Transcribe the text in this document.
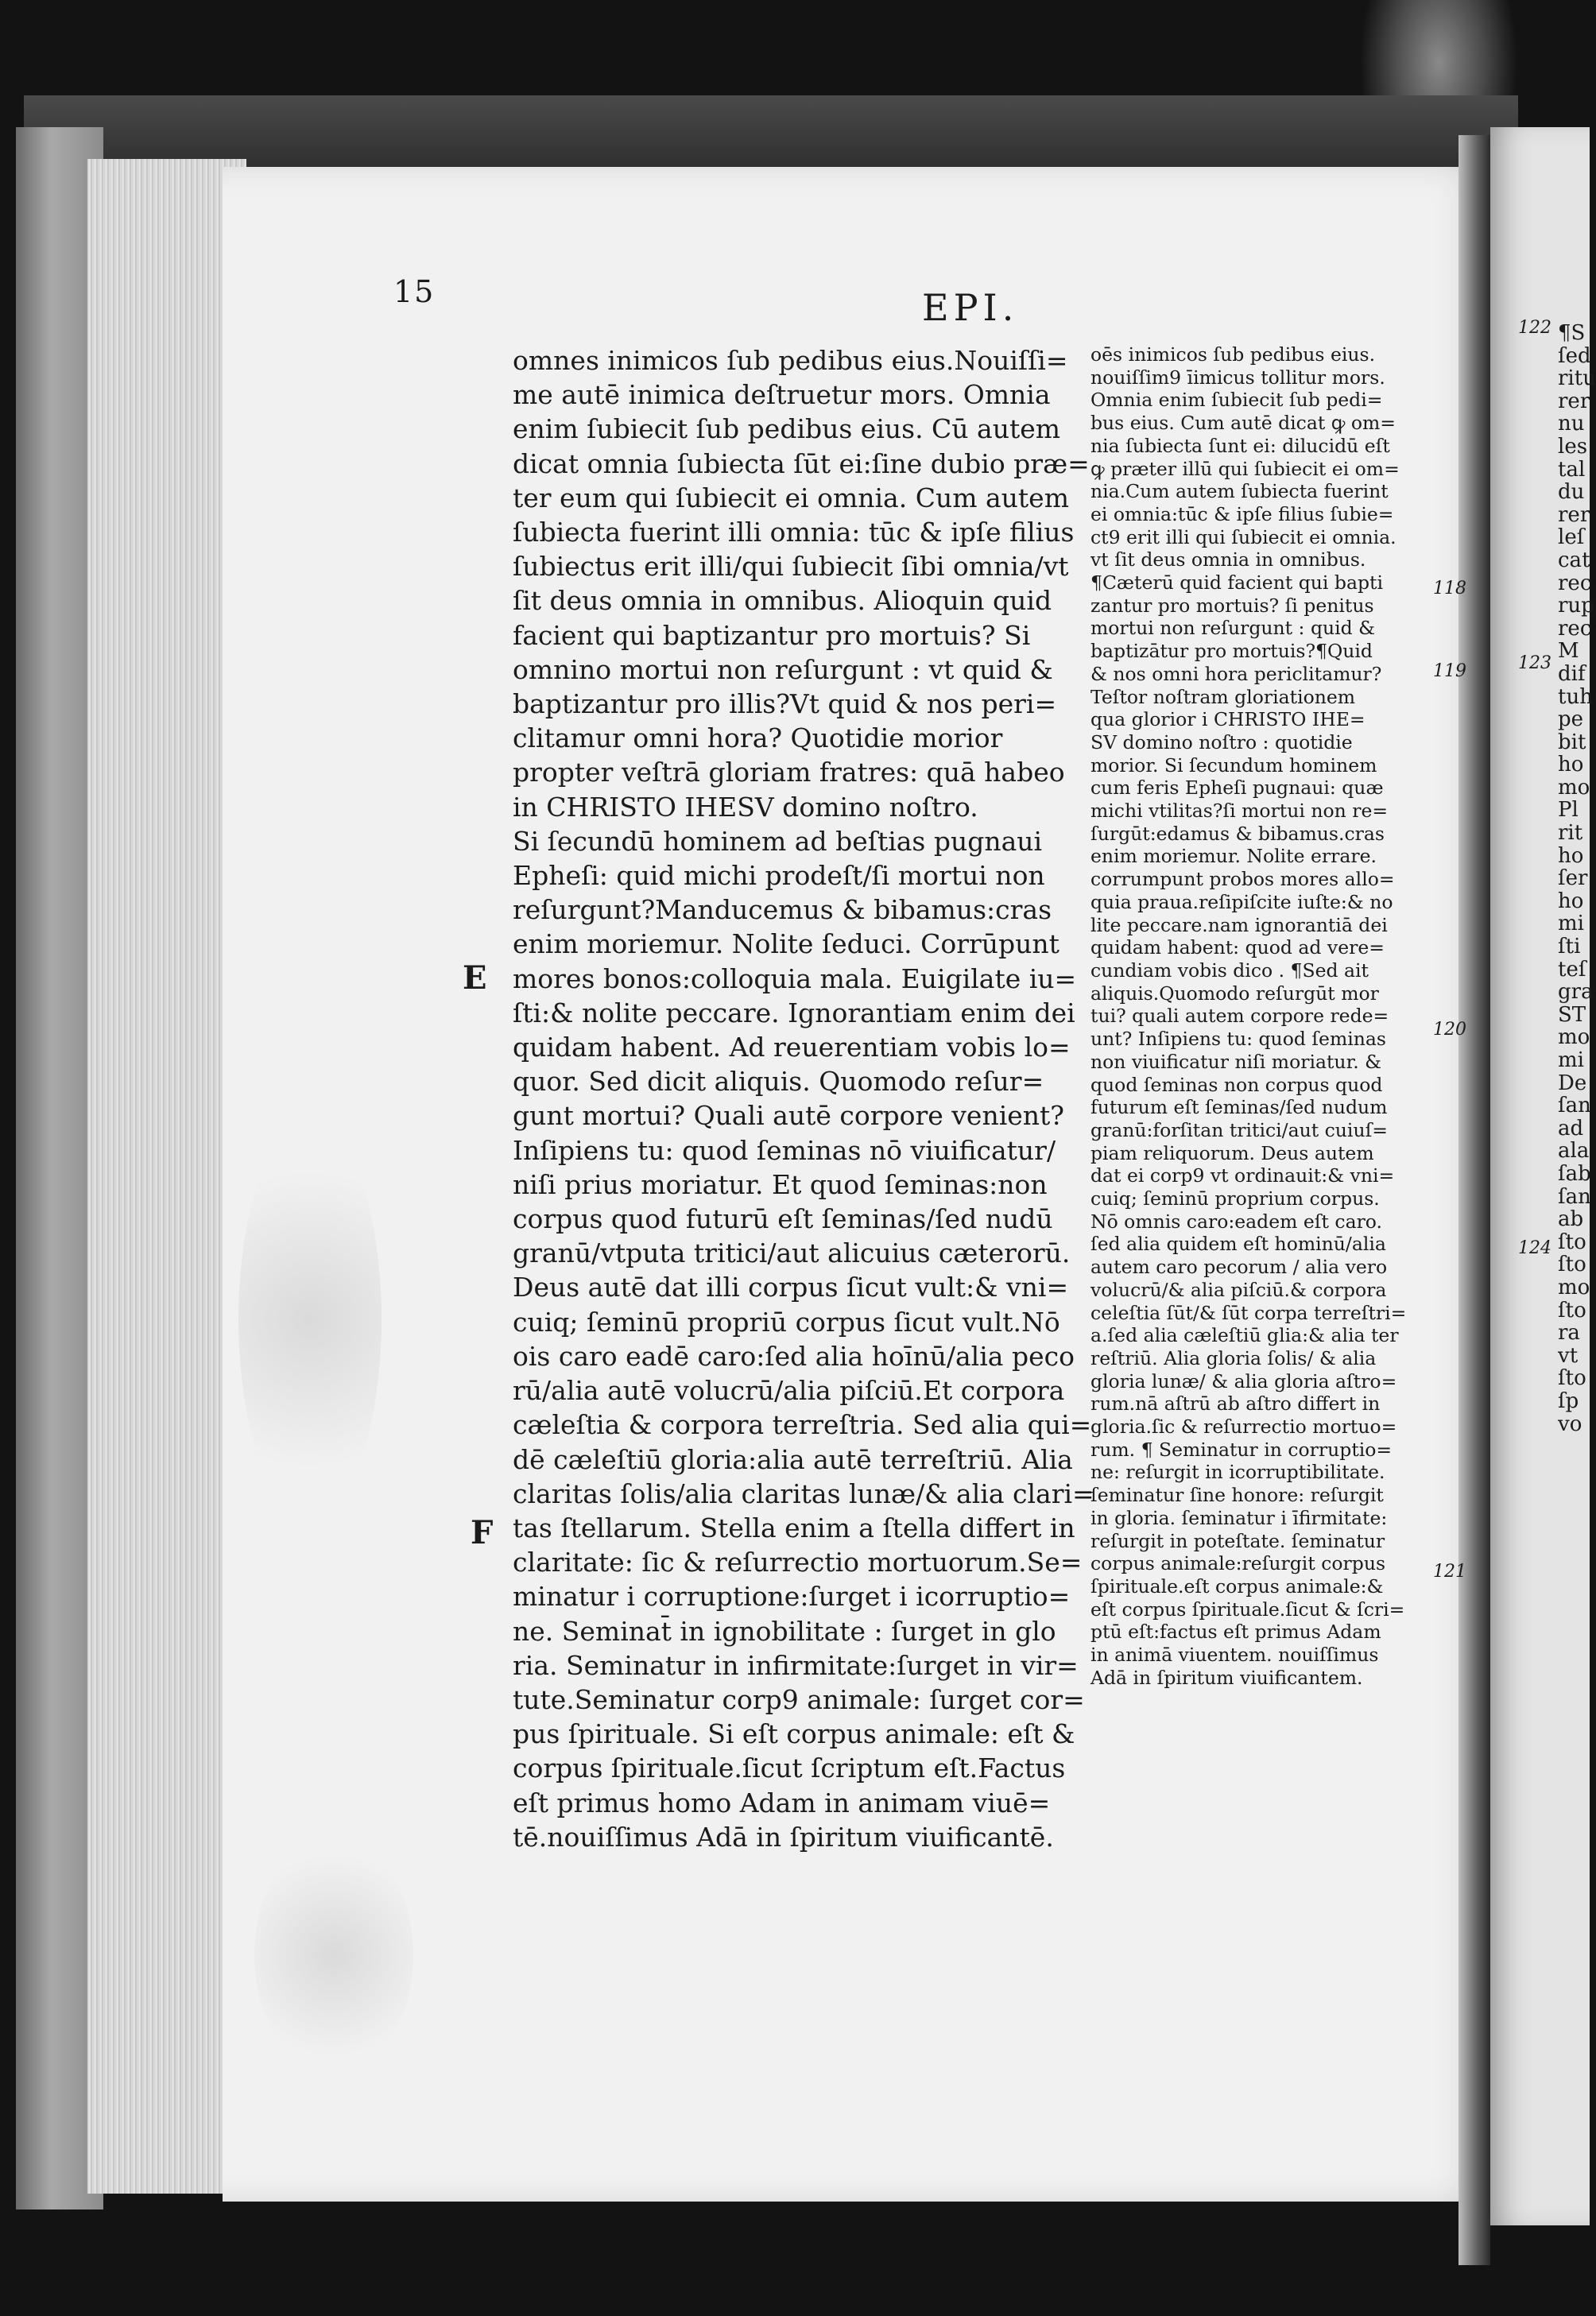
15	EPI.
omnes inimicos ſub pedibus eius.Nouiſſi=
me autē inimica deſtruetur mors. Omnia
enim ſubiecit ſub pedibus eius. Cū autem
dicat omnia ſubiecta ſūt ei:ſine dubio præ=
ter eum qui ſubiecit ei omnia. Cum autem
ſubiecta fuerint illi omnia: tūc & ipſe filius
ſubiectus erit illi/qui ſubiecit ſibi omnia/vt
ſit deus omnia in omnibus. Alioquin quid
facient qui baptizantur pro mortuis? Si
omnino mortui non reſurgunt : vt quid &
baptizantur pro illis?Vt quid & nos peri=
clitamur omni hora? Quotidie morior
propter veſtrā gloriam fratres: quā habeo
in CHRISTO IHESV domino noſtro.
Si ſecundū hominem ad beſtias pugnaui
Epheſi: quid michi prodeſt/ſi mortui non
reſurgunt?Manducemus & bibamus:cras
enim moriemur. Nolite ſeduci. Corrūpunt
mores bonos:colloquia mala. Euigilate iu=
ſti:& nolite peccare. Ignorantiam enim dei
quidam habent. Ad reuerentiam vobis lo=
quor. Sed dicit aliquis. Quomodo reſur=
gunt mortui? Quali autē corpore venient?
Inſipiens tu: quod ſeminas nō viuificatur/
niſi prius moriatur. Et quod ſeminas:non
corpus quod futurū eſt ſeminas/ſed nudū
granū/vtputa tritici/aut alicuius cæterorū.
Deus autē dat illi corpus ſicut vult:& vni=
cuiq; ſeminū propriū corpus ſicut vult.Nō
ois caro eadē caro:ſed alia hoīnū/alia peco
rū/alia autē volucrū/alia piſciū.Et corpora
cæleſtia & corpora terreſtria. Sed alia qui=
dē cæleſtiū gloria:alia autē terreſtriū. Alia
claritas ſolis/alia claritas lunæ/& alia clari=
tas ſtellarum. Stella enim a ſtella differt in
claritate: ſic & reſurrectio mortuorum.Se=
minatur i corruptione:ſurget i icorruptio=
ne. Seminat̄ in ignobilitate : ſurget in glo
ria. Seminatur in infirmitate:ſurget in vir=
tute.Seminatur corp9 animale: ſurget cor=
pus ſpirituale. Si eſt corpus animale: eſt &
corpus ſpirituale.ſicut ſcriptum eſt.Factus
eſt primus homo Adam in animam viuē=
tē.nouiſſimus Adā in ſpiritum viuificantē.
oēs inimicos ſub pedibus eius.
nouiſſim9 īimicus tollitur mors.
Omnia enim ſubiecit ſub pedi=
bus eius. Cum autē dicat ꝙ om=
nia ſubiecta ſunt ei: dilucidū eſt
ꝙ præter illū qui ſubiecit ei om=
nia.Cum autem ſubiecta fuerint
ei omnia:tūc & ipſe filius ſubie=
ct9 erit illi qui ſubiecit ei omnia.
vt ſit deus omnia in omnibus.
¶Cæterū quid facient qui bapti
zantur pro mortuis? ſi penitus
mortui non reſurgunt : quid &
baptizātur pro mortuis?¶Quid
& nos omni hora periclitamur?
Teſtor noſtram gloriationem
qua glorior i CHRISTO IHE=
SV domino noſtro : quotidie
morior. Si ſecundum hominem
cum feris Epheſi pugnaui: quæ
michi vtilitas?ſi mortui non re=
ſurgūt:edamus & bibamus.cras
enim moriemur. Nolite errare.
corrumpunt probos mores allo=
quia praua.reſipiſcite iuſte:& no
lite peccare.nam ignorantiā dei
quidam habent: quod ad vere=
cundiam vobis dico . ¶Sed ait
aliquis.Quomodo reſurgūt mor
tui? quali autem corpore rede=
unt? Inſipiens tu: quod ſeminas
non viuificatur niſi moriatur. &
quod ſeminas non corpus quod
futurum eſt ſeminas/ſed nudum
granū:forſitan tritici/aut cuiuſ=
piam reliquorum. Deus autem
dat ei corp9 vt ordinauit:& vni=
cuiq; ſeminū proprium corpus.
Nō omnis caro:eadem eſt caro.
ſed alia quidem eſt hominū/alia
autem caro pecorum / alia vero
volucrū/& alia piſciū.& corpora
celeſtia ſūt/& ſūt corpa terreſtri=
a.ſed alia cæleſtiū glia:& alia ter
reſtriū. Alia gloria ſolis/ & alia
gloria lunæ/ & alia gloria aſtro=
rum.nā aſtrū ab aſtro differt in
gloria.ſic & reſurrectio mortuo=
rum. ¶ Seminatur in corruptio=
ne: reſurgit in icorruptibilitate.
ſeminatur ſine honore: reſurgit
in gloria. ſeminatur i īfirmitate:
reſurgit in poteſtate. ſeminatur
corpus animale:reſurgit corpus
ſpirituale.eſt corpus animale:&
eſt corpus ſpirituale.ſicut & ſcri=
ptū eſt:factus eſt primus Adam
in animā viuentem. nouiſſimus
Adā in ſpiritum viuificantem.
E
F
118
119
120
121
122
123
124
¶S
ſed
ritu
rer
nu
les
tal
du
rer
leſ
cat
rec
rup
rec
M
dif
tuh
pe
bit
ho
mo
Pl
rit
ho
ſer
ho
mi
ſti
teſ
gra
ST
mo
mi
De
ſan
ad
ala
ſab
ſan
ab
ſto
ſto
mo
ſto
ra
vt
ſto
ſp
vo
